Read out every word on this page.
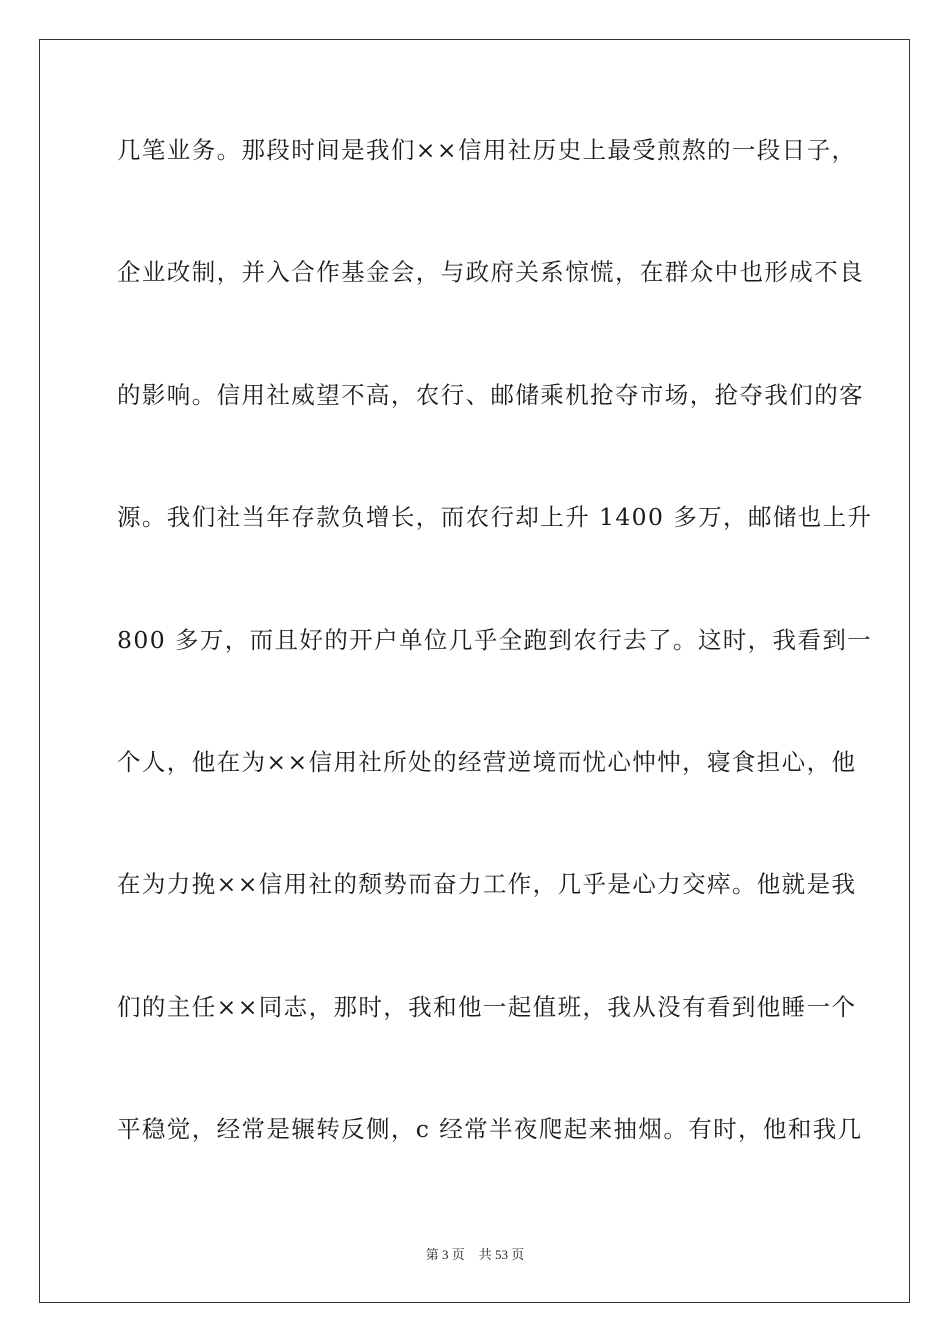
几笔业务。那段时间是我们××信用社历史上最受煎熬的一段日子，
企业改制，并入合作基金会，与政府关系惊慌，在群众中也形成不良
的影响。信用社威望不高，农行、邮储乘机抢夺市场，抢夺我们的客
源。我们社当年存款负增长，而农行却上升 1400 多万，邮储也上升
800 多万，而且好的开户单位几乎全跑到农行去了。这时，我看到一
个人，他在为××信用社所处的经营逆境而忧心忡忡，寝食担心，他
在为力挽××信用社的颓势而奋力工作，几乎是心力交瘁。他就是我
们的主任××同志，那时，我和他一起值班，我从没有看到他睡一个
平稳觉，经常是辗转反侧，c 经常半夜爬起来抽烟。有时，他和我几
第 3 页 共 53 页
